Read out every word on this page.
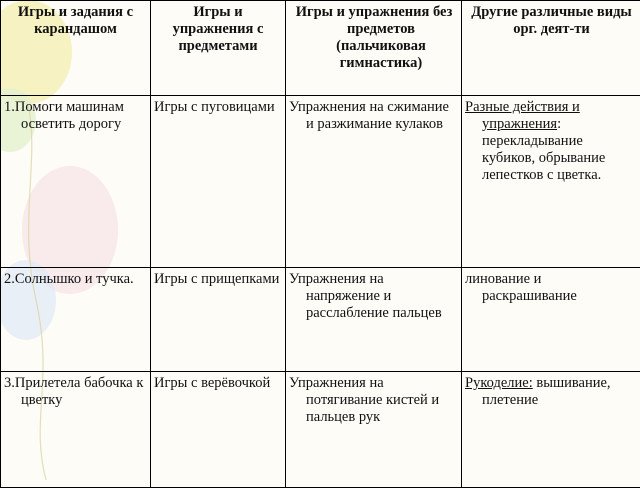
Игры и задания с карандашом	Игры и упражнения с предметами	Игры и упражнения без предметов (пальчиковая гимнастика)	Другие различные виды орг. деят-ти
1.Помоги машинам осветить дорогу	Игры с пуговицами	Упражнения на сжимание и разжимание кулаков	Разные действия и упражнения: перекладывание кубиков, обрывание лепестков с цветка.
2.Солнышко и тучка.	Игры с прищепками	Упражнения на напряжение и расслабление пальцев	линование и раскрашивание
3.Прилетела бабочка к цветку	Игры с верёвочкой	Упражнения на потягивание кистей и пальцев рук	Рукоделие: вышивание, плетение
